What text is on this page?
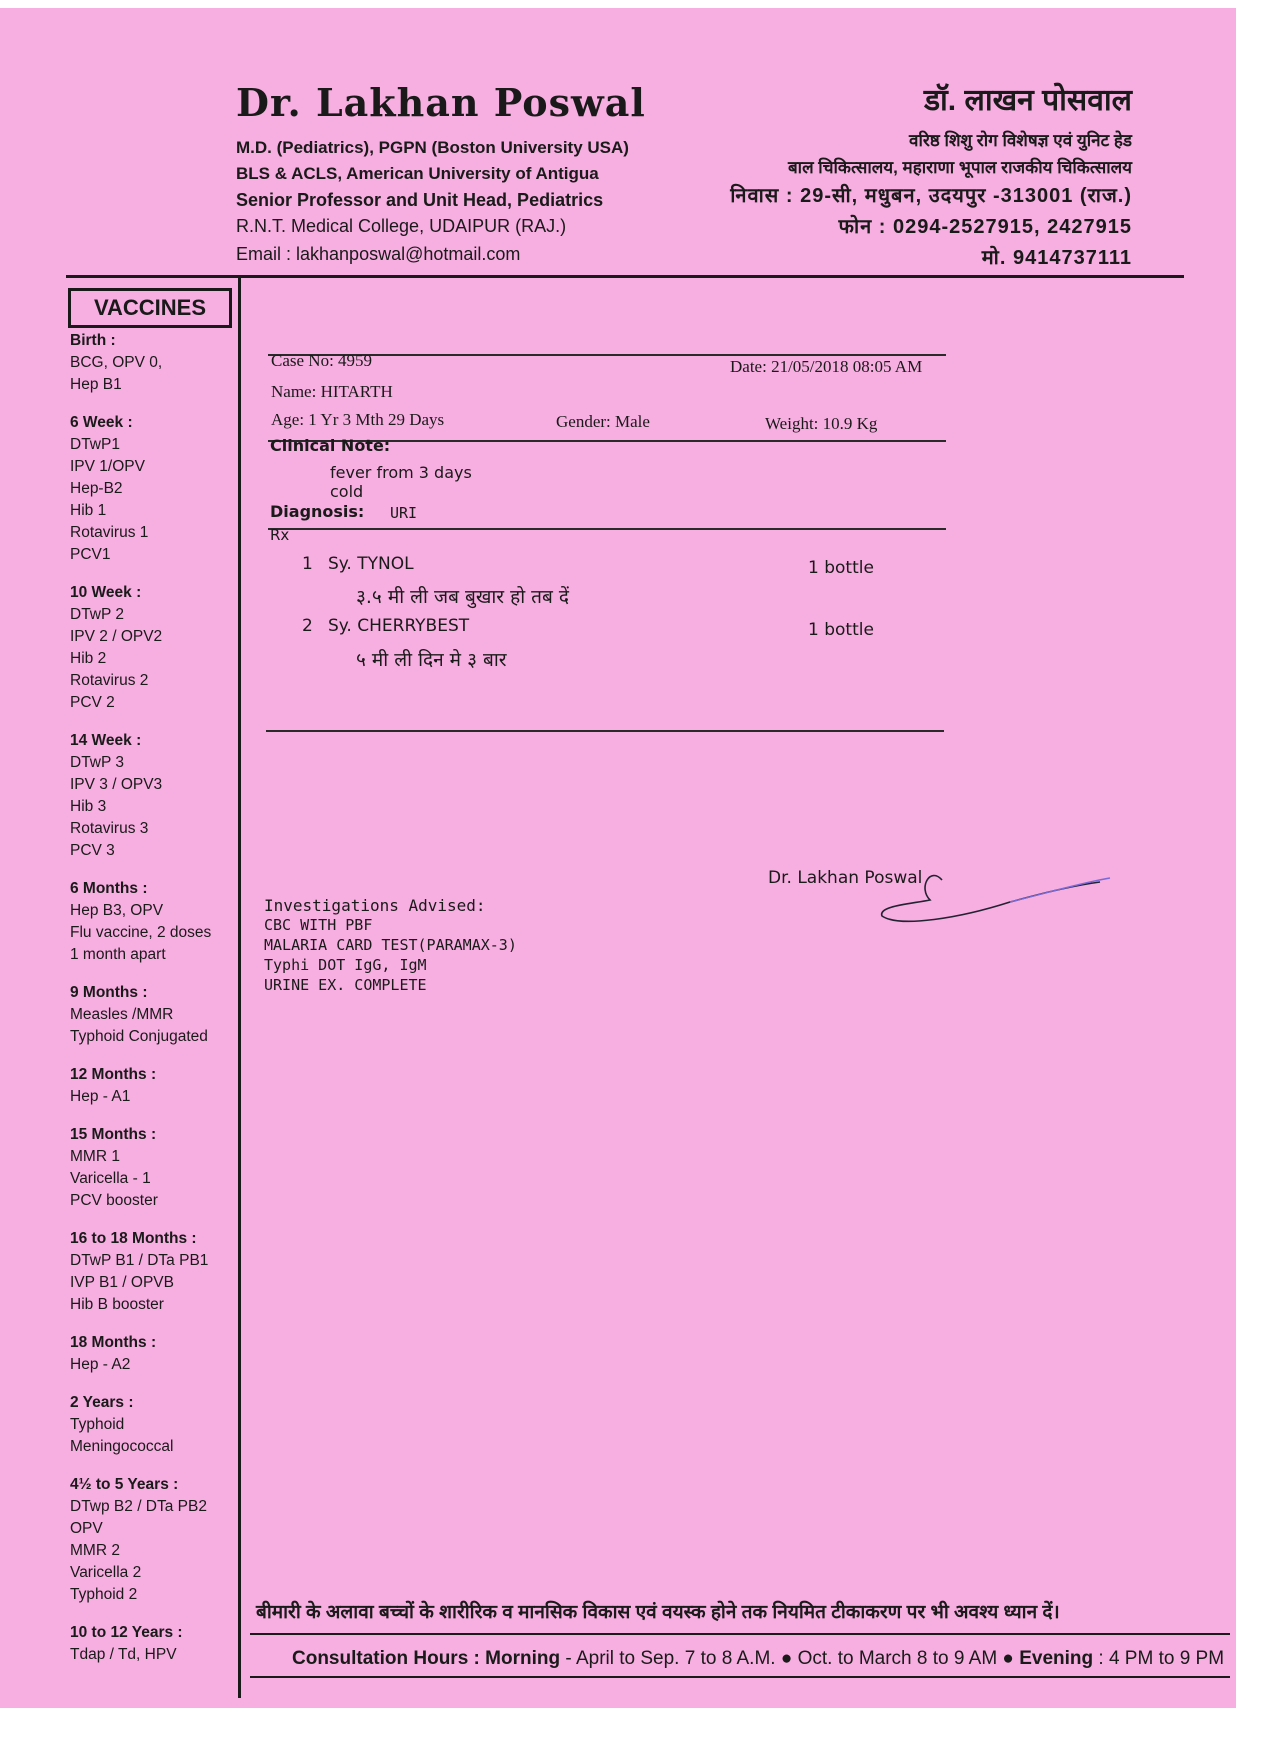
Dr. Lakhan Poswal
M.D. (Pediatrics), PGPN (Boston University USA)
BLS & ACLS, American University of Antigua
Senior Professor and Unit Head, Pediatrics
R.N.T. Medical College, UDAIPUR (RAJ.)
Email : lakhanposwal@hotmail.com
डॉ. लाखन पोसवाल
वरिष्ठ शिशु रोग विशेषज्ञ एवं युनिट हेड
बाल चिकित्सालय, महाराणा भूपाल राजकीय चिकित्सालय
निवास : 29-सी, मधुबन, उदयपुर -313001 (राज.)
फोन : 0294-2527915, 2427915
मो. 9414737111
VACCINES
Birth :
BCG, OPV 0,
Hep B1
6 Week :
DTwP1
IPV 1/OPV
Hep-B2
Hib 1
Rotavirus 1
PCV1
10 Week :
DTwP 2
IPV 2 / OPV2
Hib 2
Rotavirus 2
PCV 2
14 Week :
DTwP 3
IPV 3 / OPV3
Hib 3
Rotavirus 3
PCV 3
6 Months :
Hep B3, OPV
Flu vaccine, 2 doses
1 month apart
9 Months :
Measles /MMR
Typhoid Conjugated
12 Months :
Hep - A1
15 Months :
MMR 1
Varicella - 1
PCV booster
16 to 18 Months :
DTwP B1 / DTa PB1
IVP B1 / OPVB
Hib B booster
18 Months :
Hep - A2
2 Years :
Typhoid
Meningococcal
4½ to 5 Years :
DTwp B2 / DTa PB2
OPV
MMR 2
Varicella 2
Typhoid 2
10 to 12 Years :
Tdap / Td, HPV
Case No: 4959	Date: 21/05/2018 08:05 AM
Name: HITARTH
Age: 1 Yr 3 Mth 29 Days	Gender: Male	Weight: 10.9 Kg
Clinical Note:
fever from 3 days
cold
Diagnosis: URI
Rx
1 Sy. TYNOL	1 bottle
३.५ मी ली जब बुखार हो तब दें
2 Sy. CHERRYBEST	1 bottle
५ मी ली दिन मे ३ बार
Dr. Lakhan Poswal
Investigations Advised:
CBC WITH PBF
MALARIA CARD TEST(PARAMAX-3)
Typhi DOT IgG, IgM
URINE EX. COMPLETE
बीमारी के अलावा बच्चों के शारीरिक व मानसिक विकास एवं वयस्क होने तक नियमित टीकाकरण पर भी अवश्य ध्यान दें।
Consultation Hours : Morning - April to Sep. 7 to 8 A.M. ● Oct. to March 8 to 9 AM ● Evening : 4 PM to 9 PM
